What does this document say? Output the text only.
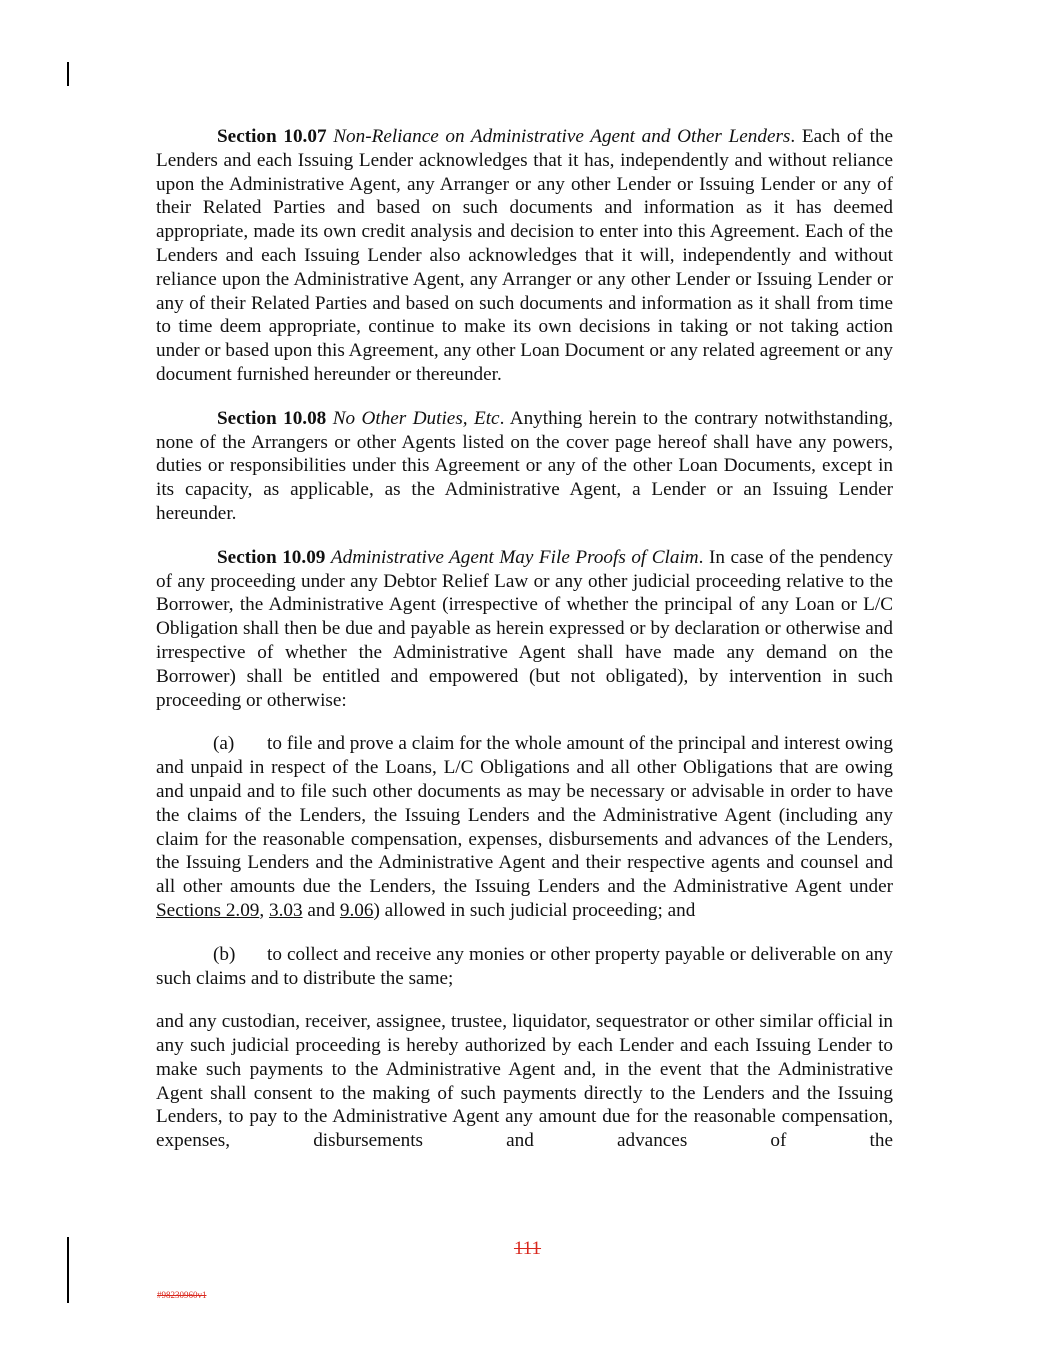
Section 10.07 Non-Reliance on Administrative Agent and Other Lenders. Each of the Lenders and each Issuing Lender acknowledges that it has, independently and without reliance upon the Administrative Agent, any Arranger or any other Lender or Issuing Lender or any of their Related Parties and based on such documents and information as it has deemed appropriate, made its own credit analysis and decision to enter into this Agreement. Each of the Lenders and each Issuing Lender also acknowledges that it will, independently and without reliance upon the Administrative Agent, any Arranger or any other Lender or Issuing Lender or any of their Related Parties and based on such documents and information as it shall from time to time deem appropriate, continue to make its own decisions in taking or not taking action under or based upon this Agreement, any other Loan Document or any related agreement or any document furnished hereunder or thereunder.

Section 10.08 No Other Duties, Etc. Anything herein to the contrary notwithstanding, none of the Arrangers or other Agents listed on the cover page hereof shall have any powers, duties or responsibilities under this Agreement or any of the other Loan Documents, except in its capacity, as applicable, as the Administrative Agent, a Lender or an Issuing Lender hereunder.

Section 10.09 Administrative Agent May File Proofs of Claim. In case of the pendency of any proceeding under any Debtor Relief Law or any other judicial proceeding relative to the Borrower, the Administrative Agent (irrespective of whether the principal of any Loan or L/C Obligation shall then be due and payable as herein expressed or by declaration or otherwise and irrespective of whether the Administrative Agent shall have made any demand on the Borrower) shall be entitled and empowered (but not obligated), by intervention in such proceeding or otherwise:

(a) to file and prove a claim for the whole amount of the principal and interest owing and unpaid in respect of the Loans, L/C Obligations and all other Obligations that are owing and unpaid and to file such other documents as may be necessary or advisable in order to have the claims of the Lenders, the Issuing Lenders and the Administrative Agent (including any claim for the reasonable compensation, expenses, disbursements and advances of the Lenders, the Issuing Lenders and the Administrative Agent and their respective agents and counsel and all other amounts due the Lenders, the Issuing Lenders and the Administrative Agent under Sections 2.09, 3.03 and 9.06) allowed in such judicial proceeding; and

(b) to collect and receive any monies or other property payable or deliverable on any such claims and to distribute the same;

and any custodian, receiver, assignee, trustee, liquidator, sequestrator or other similar official in any such judicial proceeding is hereby authorized by each Lender and each Issuing Lender to make such payments to the Administrative Agent and, in the event that the Administrative Agent shall consent to the making of such payments directly to the Lenders and the Issuing Lenders, to pay to the Administrative Agent any amount due for the reasonable compensation, expenses, disbursements and advances of the

111
#98230960v1
